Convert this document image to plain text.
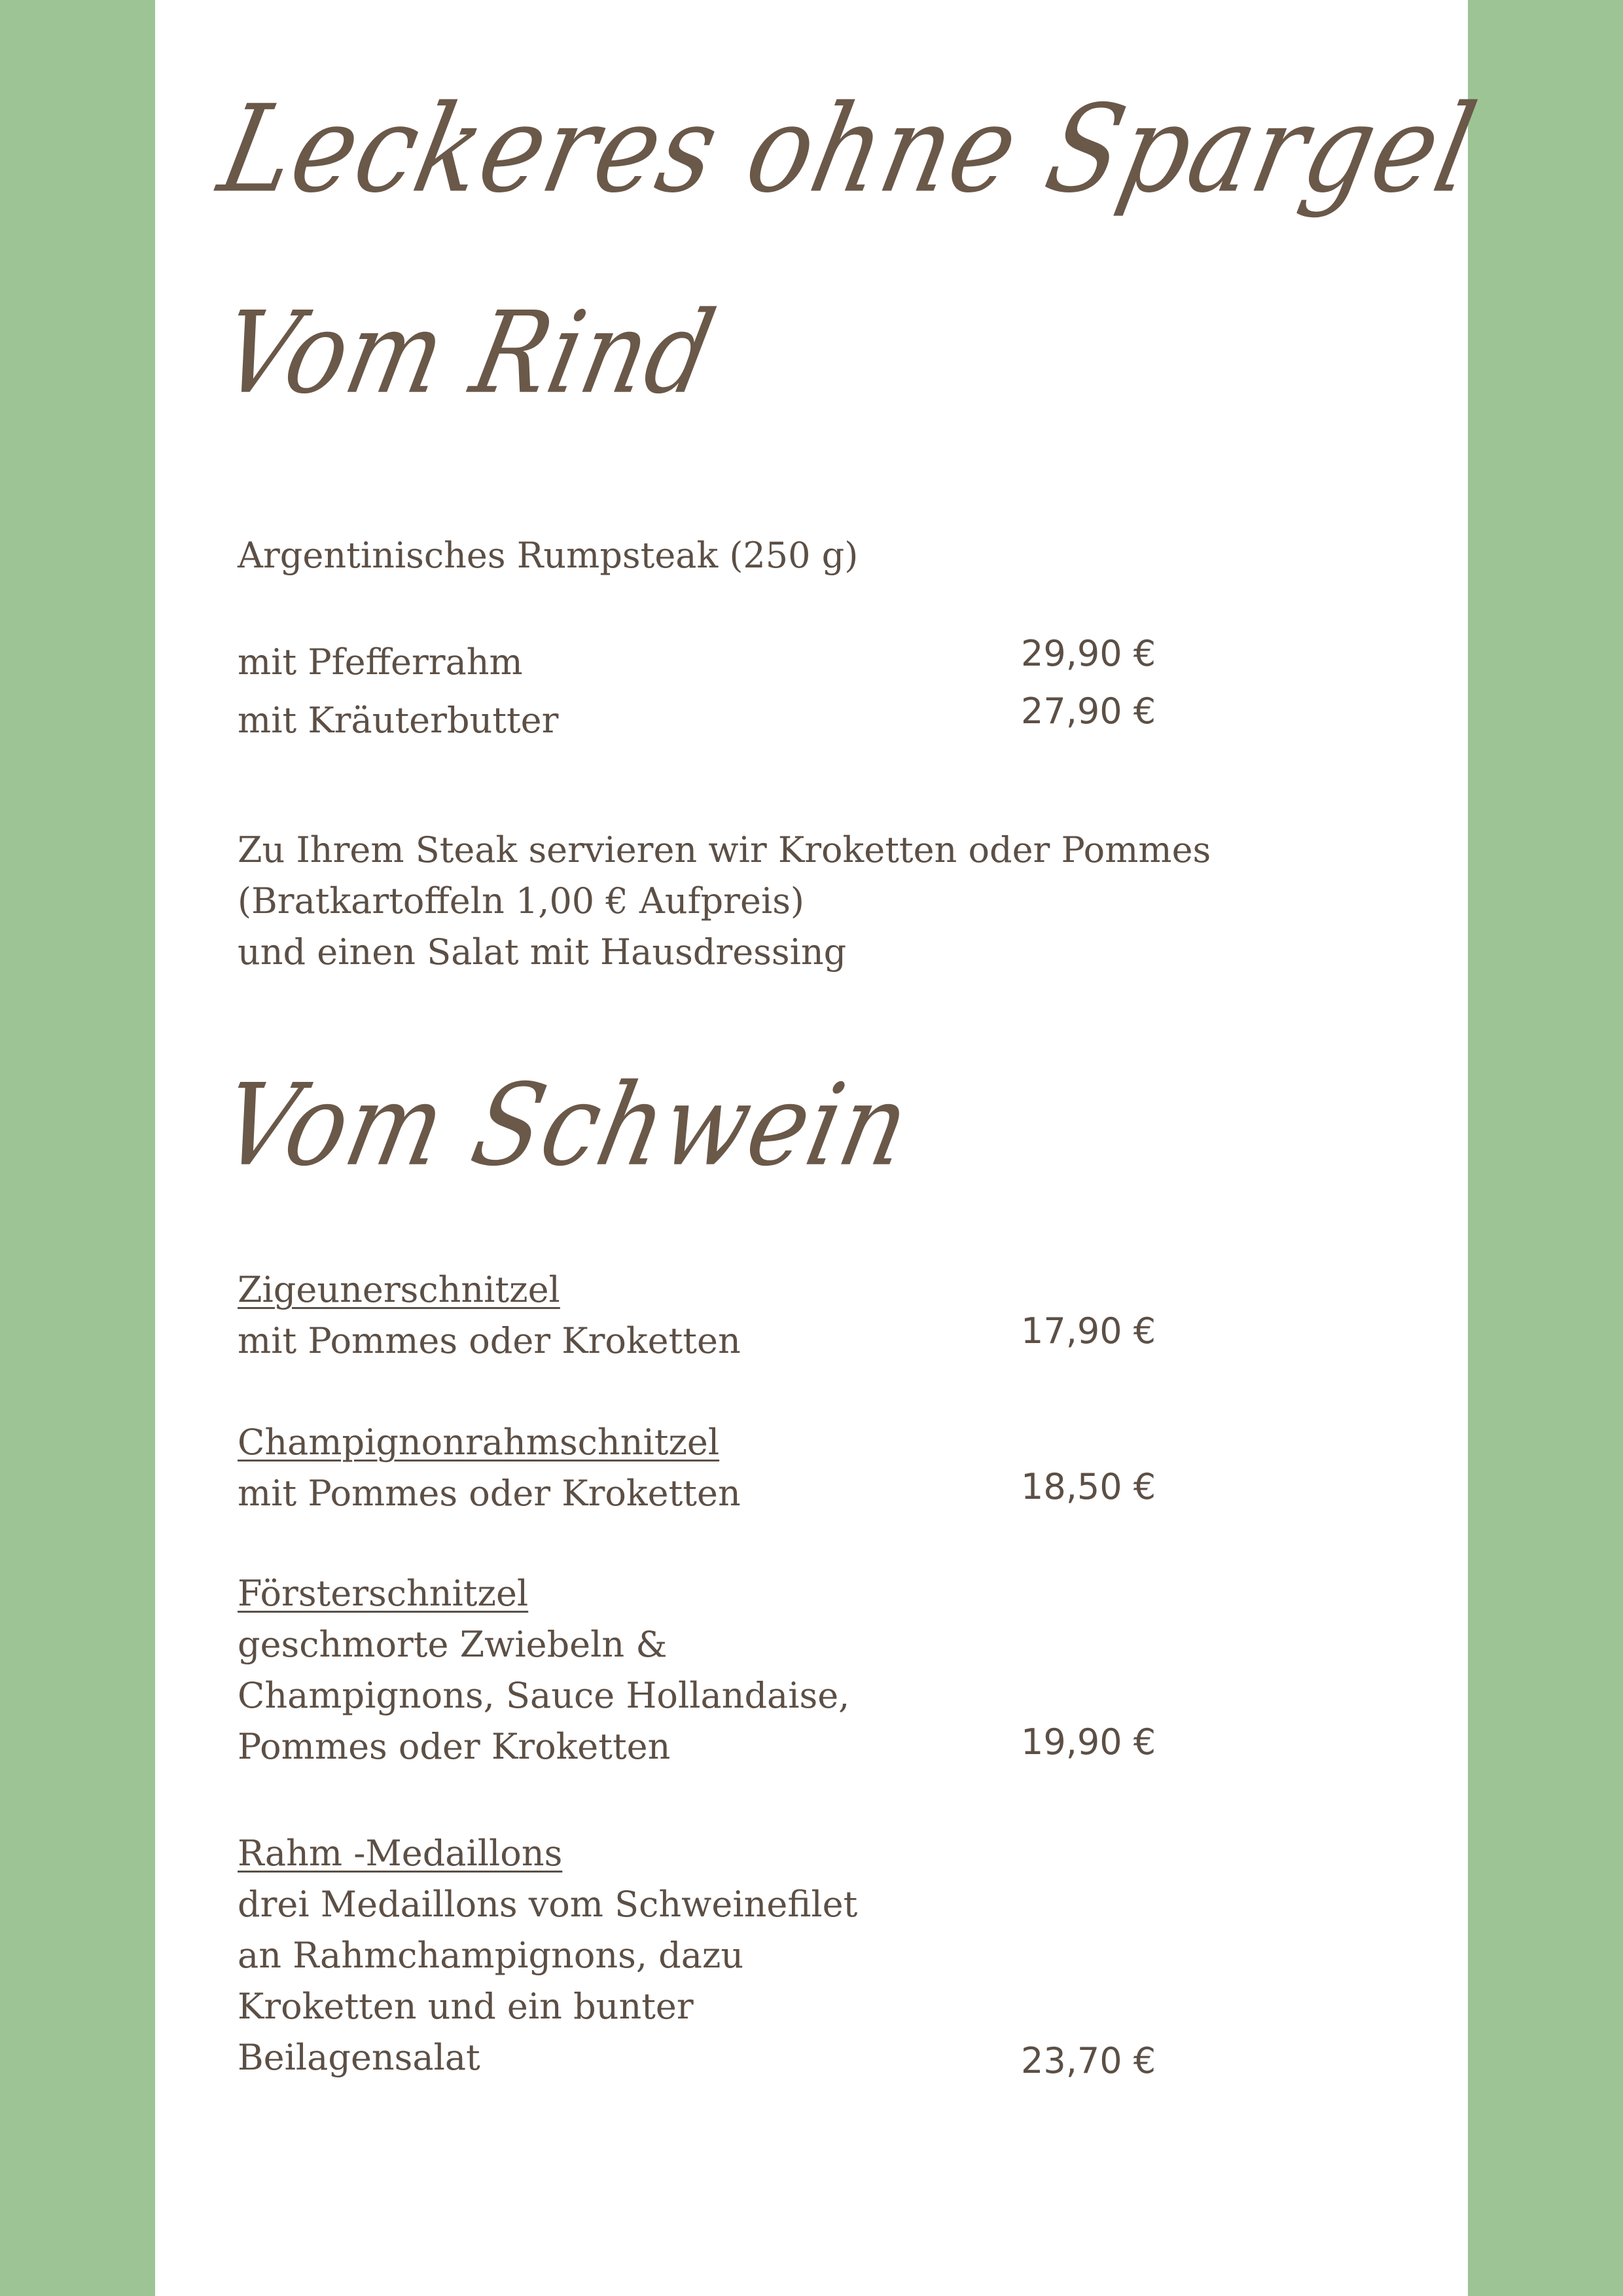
Leckeres ohne Spargel
Vom Rind
Argentinisches Rumpsteak (250 g)
mit Pfefferrahm	29,90 €
mit Kräuterbutter	27,90 €
Zu Ihrem Steak servieren wir Kroketten oder Pommes
(Bratkartoffeln 1,00 € Aufpreis)
und einen Salat mit Hausdressing
Vom Schwein
Zigeunerschnitzel
mit Pommes oder Kroketten	17,90 €
Champignonrahmschnitzel
mit Pommes oder Kroketten	18,50 €
Försterschnitzel
geschmorte Zwiebeln &
Champignons, Sauce Hollandaise,
Pommes oder Kroketten	19,90 €
Rahm -Medaillons
drei Medaillons vom Schweinefilet
an Rahmchampignons, dazu
Kroketten und ein bunter
Beilagensalat	23,70 €
